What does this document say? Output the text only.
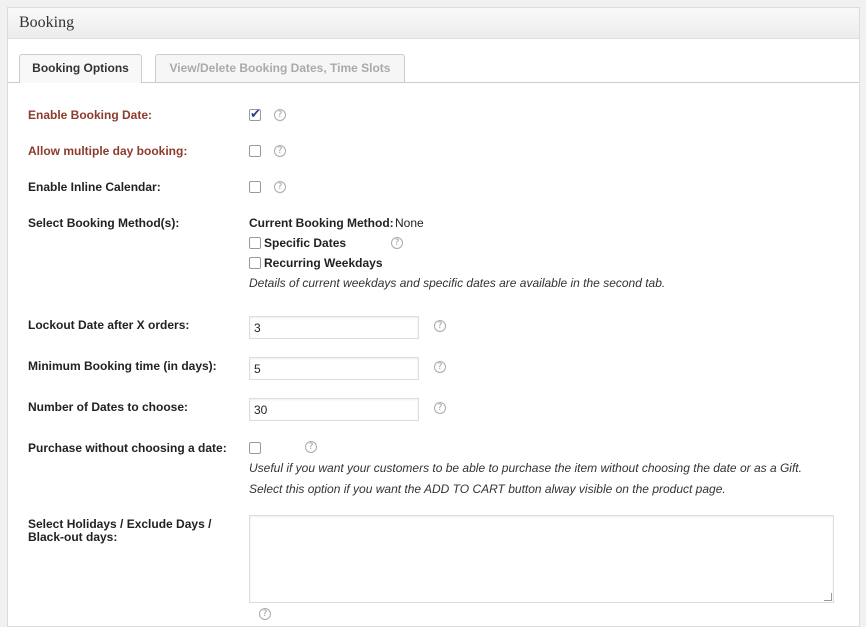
Booking
Booking Options	View/Delete Booking Dates, Time Slots
Enable Booking Date:
✔	?
Allow multiple day booking:	?
Enable Inline Calendar:	?
Select Booking Method(s):	Current Booking Method: None
Specific Dates	?
Recurring Weekdays
Details of current weekdays and specific dates are available in the second tab.
Lockout Date after X orders:	3	?
Minimum Booking time (in days):	5	?
Number of Dates to choose:	30	?
Purchase without choosing a date:	?
Useful if you want your customers to be able to purchase the item without choosing the date or as a Gift.
Select this option if you want the ADD TO CART button alway visible on the product page.
Select Holidays / Exclude Days /
Black-out days:
?
